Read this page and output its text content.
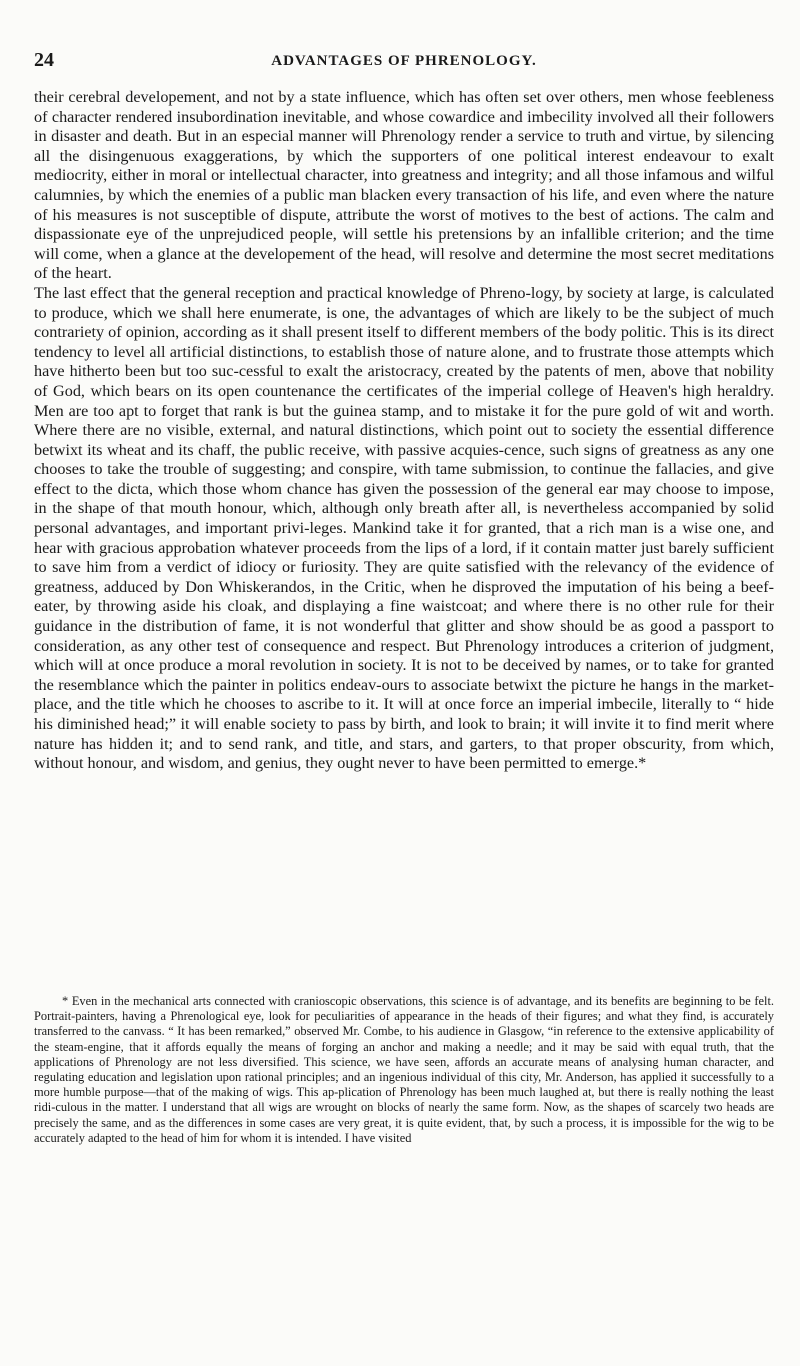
24	ADVANTAGES OF PHRENOLOGY.

their cerebral developement, and not by a state influence, which has often set over others, men whose feebleness of character rendered insubordination inevitable, and whose cowardice and imbecility involved all their followers in disaster and death. But in an especial manner will Phrenology render a service to truth and virtue, by silencing all the disingenuous exaggerations, by which the supporters of one political interest endeavour to exalt mediocrity, either in moral or intellectual character, into greatness and integrity; and all those infamous and wilful calumnies, by which the enemies of a public man blacken every transaction of his life, and even where the nature of his measures is not susceptible of dispute, attribute the worst of motives to the best of actions. The calm and dispassionate eye of the unprejudiced people, will settle his pretensions by an infallible criterion; and the time will come, when a glance at the developement of the head, will resolve and determine the most secret meditations of the heart.

The last effect that the general reception and practical knowledge of Phreno-logy, by society at large, is calculated to produce, which we shall here enumerate, is one, the advantages of which are likely to be the subject of much contrariety of opinion, according as it shall present itself to different members of the body politic. This is its direct tendency to level all artificial distinctions, to establish those of nature alone, and to frustrate those attempts which have hitherto been but too suc-cessful to exalt the aristocracy, created by the patents of men, above that nobility of God, which bears on its open countenance the certificates of the imperial college of Heaven's high heraldry. Men are too apt to forget that rank is but the guinea stamp, and to mistake it for the pure gold of wit and worth. Where there are no visible, external, and natural distinctions, which point out to society the essential difference betwixt its wheat and its chaff, the public receive, with passive acquies-cence, such signs of greatness as any one chooses to take the trouble of suggesting; and conspire, with tame submission, to continue the fallacies, and give effect to the dicta, which those whom chance has given the possession of the general ear may choose to impose, in the shape of that mouth honour, which, although only breath after all, is nevertheless accompanied by solid personal advantages, and important privi-leges. Mankind take it for granted, that a rich man is a wise one, and hear with gracious approbation whatever proceeds from the lips of a lord, if it contain matter just barely sufficient to save him from a verdict of idiocy or furiosity. They are quite satisfied with the relevancy of the evidence of greatness, adduced by Don Whiskerandos, in the Critic, when he disproved the imputation of his being a beef-eater, by throwing aside his cloak, and displaying a fine waistcoat; and where there is no other rule for their guidance in the distribution of fame, it is not wonderful that glitter and show should be as good a passport to consideration, as any other test of consequence and respect. But Phrenology introduces a criterion of judgment, which will at once produce a moral revolution in society. It is not to be deceived by names, or to take for granted the resemblance which the painter in politics endeav-ours to associate betwixt the picture he hangs in the market-place, and the title which he chooses to ascribe to it. It will at once force an imperial imbecile, literally to “ hide his diminished head;” it will enable society to pass by birth, and look to brain; it will invite it to find merit where nature has hidden it; and to send rank, and title, and stars, and garters, to that proper obscurity, from which, without honour, and wisdom, and genius, they ought never to have been permitted to emerge.*

* Even in the mechanical arts connected with cranioscopic observations, this science is of advantage, and its benefits are beginning to be felt. Portrait-painters, having a Phrenological eye, look for peculiarities of appearance in the heads of their figures; and what they find, is accurately transferred to the canvass. “ It has been remarked,” observed Mr. Combe, to his audience in Glasgow, “in reference to the extensive applicability of the steam-engine, that it affords equally the means of forging an anchor and making a needle; and it may be said with equal truth, that the applications of Phrenology are not less diversified. This science, we have seen, affords an accurate means of analysing human character, and regulating education and legislation upon rational principles; and an ingenious individual of this city, Mr. Anderson, has applied it successfully to a more humble purpose—that of the making of wigs. This ap-plication of Phrenology has been much laughed at, but there is really nothing the least ridi-culous in the matter. I understand that all wigs are wrought on blocks of nearly the same form. Now, as the shapes of scarcely two heads are precisely the same, and as the differences in some cases are very great, it is quite evident, that, by such a process, it is impossible for the wig to be accurately adapted to the head of him for whom it is intended. I have visited
